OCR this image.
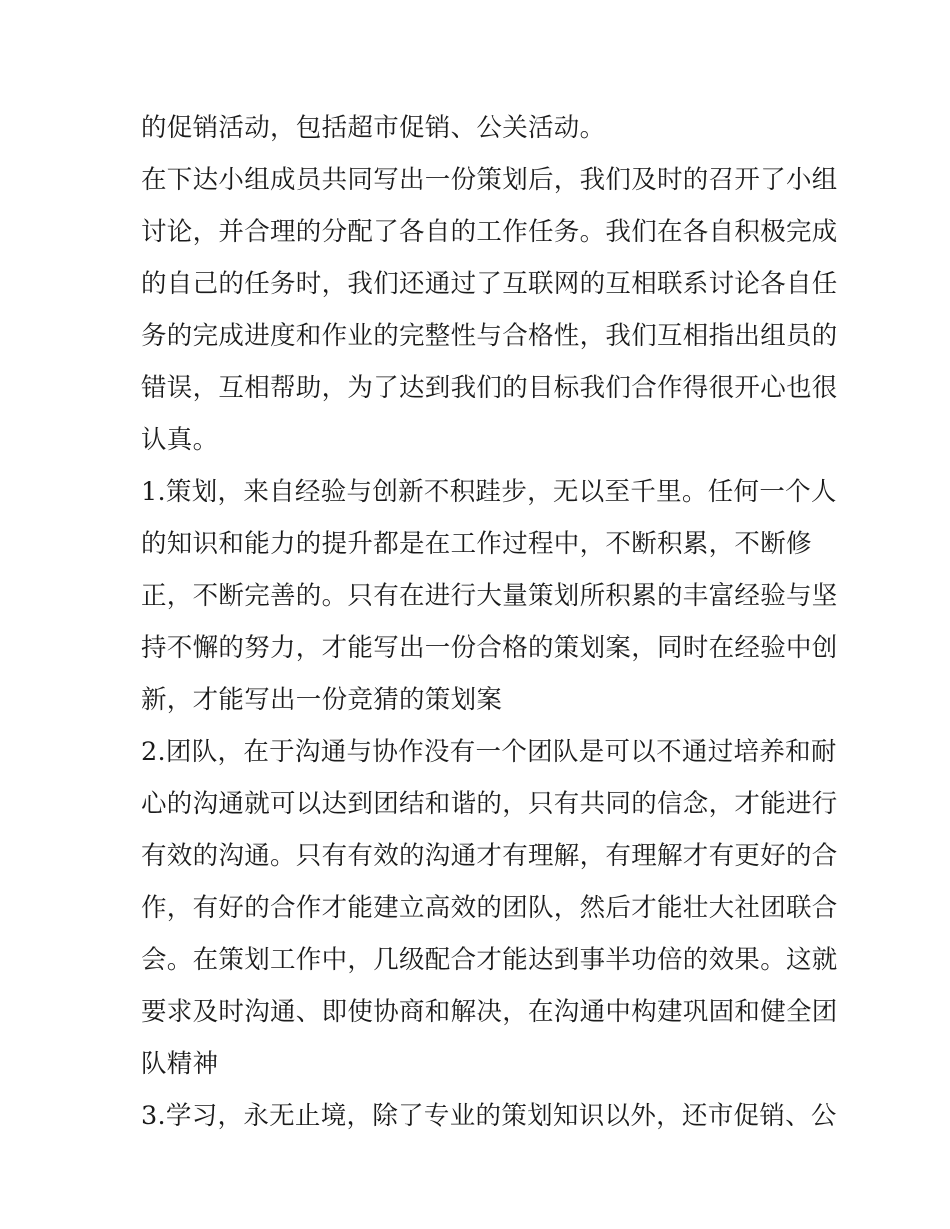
的促销活动，包括超市促销、公关活动。
在下达小组成员共同写出一份策划后，我们及时的召开了小组
讨论，并合理的分配了各自的工作任务。我们在各自积极完成
的自己的任务时，我们还通过了互联网的互相联系讨论各自任
务的完成进度和作业的完整性与合格性，我们互相指出组员的
错误，互相帮助，为了达到我们的目标我们合作得很开心也很
认真。
1.策划，来自经验与创新不积跬步，无以至千里。任何一个人
的知识和能力的提升都是在工作过程中，不断积累，不断修
正，不断完善的。只有在进行大量策划所积累的丰富经验与坚
持不懈的努力，才能写出一份合格的策划案，同时在经验中创
新，才能写出一份竞猜的策划案
2.团队，在于沟通与协作没有一个团队是可以不通过培养和耐
心的沟通就可以达到团结和谐的，只有共同的信念，才能进行
有效的沟通。只有有效的沟通才有理解，有理解才有更好的合
作，有好的合作才能建立高效的团队，然后才能壮大社团联合
会。在策划工作中，几级配合才能达到事半功倍的效果。这就
要求及时沟通、即使协商和解决，在沟通中构建巩固和健全团
队精神
3.学习，永无止境，除了专业的策划知识以外，还市促销、公
